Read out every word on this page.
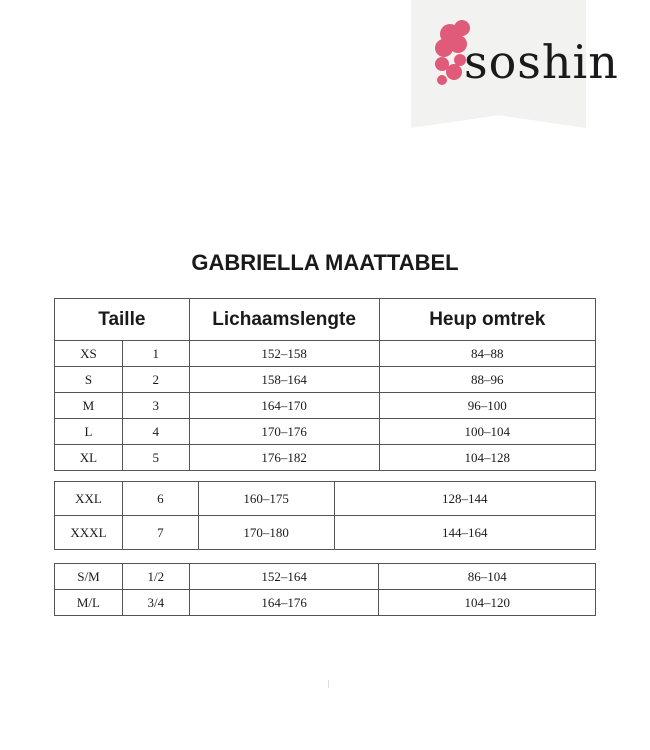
soshin
GABRIELLA MAATTABEL
Taille		Lichaamslengte	Heup omtrek
XS	1	152–158	84–88
S	2	158–164	88–96
M	3	164–170	96–100
L	4	170–176	100–104
XL	5	176–182	104–128
XXL	6	160–175	128–144
XXXL	7	170–180	144–164
S/M	1/2	152–164	86–104
M/L	3/4	164–176	104–120
